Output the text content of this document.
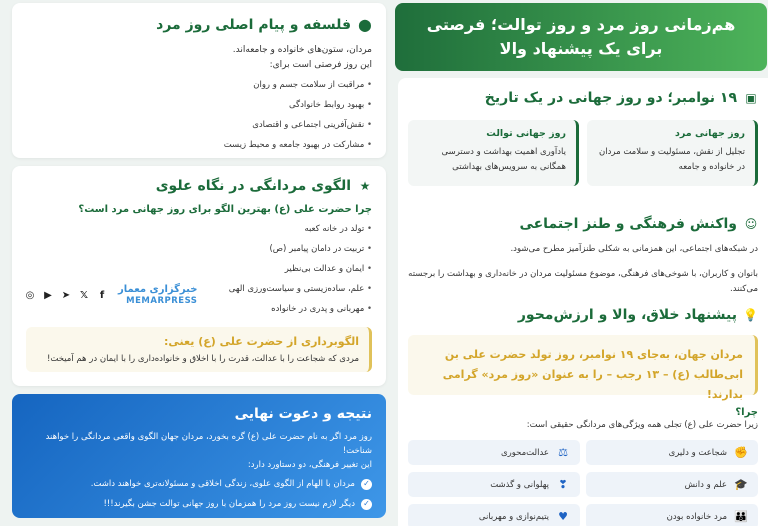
⬤
فلسفه و پیام اصلی روز مرد
مردان، ستون‌های خانواده و جامعه‌اند.
این روز فرصتی است برای:
• مراقبت از سلامت جسم و روان
• بهبود روابط خانوادگی
• نقش‌آفرینی اجتماعی و اقتصادی
• مشارکت در بهبود جامعه و محیط زیست
★
الگوی مردانگی در نگاه علوی
چرا حضرت علی (ع) بهترین الگو برای روز جهانی مرد است؟
• تولد در خانه کعبه
• تربیت در دامان پیامبر (ص)
• ایمان و عدالت بی‌نظیر
• علم، ساده‌زیستی و سیاست‌ورزی الهی
• مهربانی و پدری در خانواده
الگوبرداری از حضرت علی (ع) یعنی:
مردی که شجاعت را با عدالت، قدرت را با اخلاق و خانواده‌داری را با ایمان در هم آمیخت!
◎ ▶ ➤ 𝕏	f	خبرگزاری معمار
MEMARPRESS
نتیجه و دعوت نهایی
روز مرد اگر به نام حضرت علی (ع) گره بخورد، مردان جهان الگوی واقعی مردانگی را خواهند شناخت!
این تغییر فرهنگی، دو دستاورد دارد:
✓
مردان با الهام از الگوی علوی، زندگی اخلاقی و مسئولانه‌تری خواهند داشت.
✓
دیگر لازم نیست روز مرد را همزمان با روز جهانی توالت جشن بگیرند!!!
هم‌زمانی روز مرد و روز توالت؛ فرصتی برای یک پیشنهاد والا
▣
۱۹ نوامبر؛ دو روز جهانی در یک تاریخ
روز جهانی مرد
تجلیل از نقش، مسئولیت و سلامت مردان در خانواده و جامعه
روز جهانی توالت
یادآوری اهمیت بهداشت و دسترسی همگانی به سرویس‌های بهداشتی
☺
واکنش فرهنگی و طنز اجتماعی
در شبکه‌های اجتماعی، این همزمانی به شکلی طنزآمیز مطرح می‌شود.
بانوان و کاربران، با شوخی‌های فرهنگی، موضوع مسئولیت مردان در خانه‌داری و بهداشت را برجسته می‌کنند.
💡
پیشنهاد خلاق، والا و ارزش‌محور
مردان جهان، به‌جای ۱۹ نوامبر، روز تولد حضرت علی بن ابی‌طالب (ع) – ۱۳ رجب – را به عنوان «روز مرد» گرامی بدارند!
چرا؟
زیرا حضرت علی (ع) تجلی همه ویژگی‌های مردانگی حقیقی است:
✊
شجاعت و دلیری
⚖
عدالت‌محوری
🎓
علم و دانش
❣
پهلوانی و گذشت
👪
مرد خانواده بودن
♥
یتیم‌نوازی و مهربانی
